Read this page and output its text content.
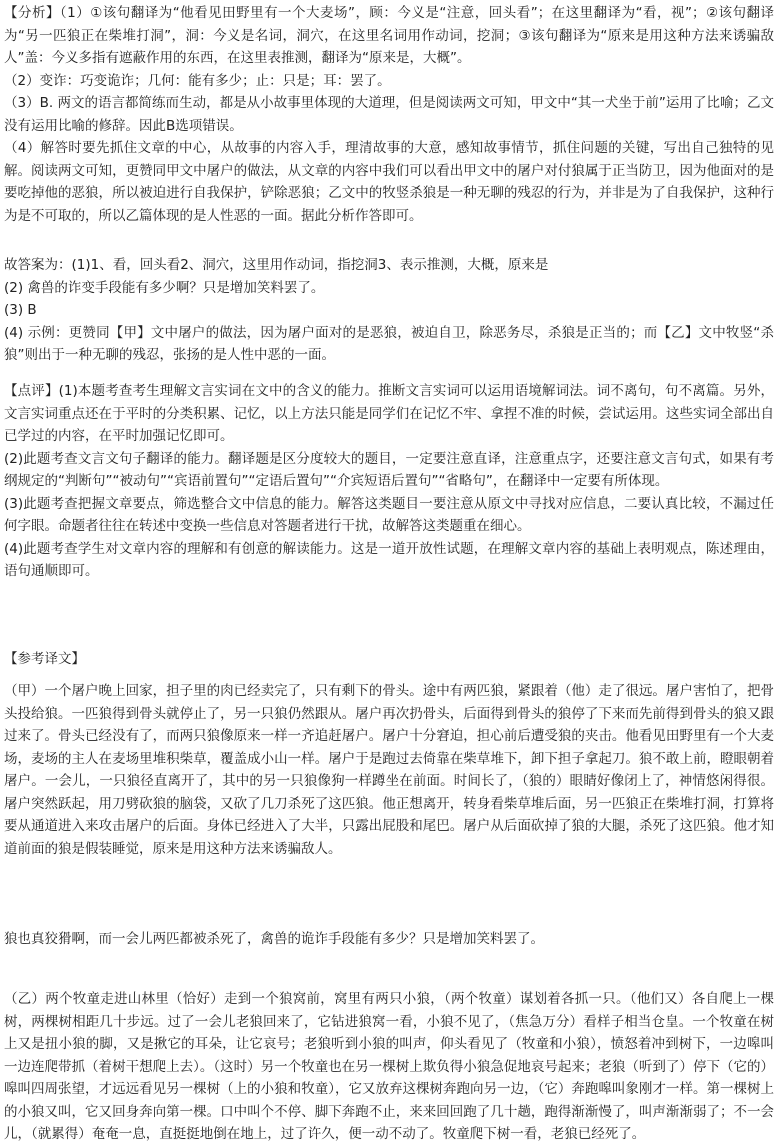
【分析】（1）①该句翻译为“他看见田野里有一个大麦场”，顾：今义是“注意，回头看”；在这里翻译为“看，视”；②该句翻译为“另一匹狼正在柴堆打洞”，洞：今义是名词，洞穴，在这里名词用作动词，挖洞；③该句翻译为“原来是用这种方法来诱骗敌人”盖：今义多指有遮蔽作用的东西，在这里表推测，翻译为“原来是，大概”。

（2）变诈：巧变诡诈；几何：能有多少；止：只是；耳：罢了。

（3）B. 两文的语言都简练而生动，都是从小故事里体现的大道理，但是阅读两文可知，甲文中“其一犬坐于前”运用了比喻；乙文没有运用比喻的修辞。因此B选项错误。

（4）解答时要先抓住文章的中心，从故事的内容入手，理清故事的大意，感知故事情节，抓住问题的关键，写出自己独特的见解。阅读两文可知，更赞同甲文中屠户的做法，从文章的内容中我们可以看出甲文中的屠户对付狼属于正当防卫，因为他面对的是要吃掉他的恶狼，所以被迫进行自我保护，铲除恶狼；乙文中的牧竖杀狼是一种无聊的残忍的行为，并非是为了自我保护，这种行为是不可取的，所以乙篇体现的是人性恶的一面。据此分析作答即可。

故答案为：(1)1、看，回头看2、洞穴，这里用作动词，指挖洞3、表示推测，大概，原来是

(2) 禽兽的诈变手段能有多少啊？只是增加笑料罢了。

(3) B

(4) 示例：更赞同【甲】文中屠户的做法，因为屠户面对的是恶狼，被迫自卫，除恶务尽，杀狼是正当的；而【乙】文中牧竖“杀狼”则出于一种无聊的残忍，张扬的是人性中恶的一面。

【点评】(1)本题考查考生理解文言实词在文中的含义的能力。推断文言实词可以运用语境解词法。词不离句，句不离篇。另外，文言实词重点还在于平时的分类积累、记忆，以上方法只能是同学们在记忆不牢、拿捏不准的时候，尝试运用。这些实词全部出自已学过的内容，在平时加强记忆即可。

(2)此题考查文言文句子翻译的能力。翻译题是区分度较大的题目，一定要注意直译，注意重点字，还要注意文言句式，如果有考纲规定的“判断句”“被动句”“宾语前置句”“定语后置句”“介宾短语后置句”“省略句”，在翻译中一定要有所体现。

(3)此题考查把握文章要点，筛选整合文中信息的能力。解答这类题目一要注意从原文中寻找对应信息，二要认真比较，不漏过任何字眼。命题者往往在转述中变换一些信息对答题者进行干扰，故解答这类题重在细心。

(4)此题考查学生对文章内容的理解和有创意的解读能力。这是一道开放性试题，在理解文章内容的基础上表明观点，陈述理由，语句通顺即可。

【参考译文】

（甲）一个屠户晚上回家，担子里的肉已经卖完了，只有剩下的骨头。途中有两匹狼，紧跟着（他）走了很远。屠户害怕了，把骨头投给狼。一匹狼得到骨头就停止了，另一只狼仍然跟从。屠户再次扔骨头，后面得到骨头的狼停了下来而先前得到骨头的狼又跟过来了。骨头已经没有了，而两只狼像原来一样一齐追赶屠户。屠户十分窘迫，担心前后遭受狼的夹击。他看见田野里有一个大麦场，麦场的主人在麦场里堆积柴草，覆盖成小山一样。屠户于是跑过去倚靠在柴草堆下，卸下担子拿起刀。狼不敢上前，瞪眼朝着屠户。一会儿，一只狼径直离开了，其中的另一只狼像狗一样蹲坐在前面。时间长了，（狼的）眼睛好像闭上了，神情悠闲得很。屠户突然跃起，用刀劈砍狼的脑袋，又砍了几刀杀死了这匹狼。他正想离开，转身看柴草堆后面，另一匹狼正在柴堆打洞，打算将要从通道进入来攻击屠户的后面。身体已经进入了大半，只露出屁股和尾巴。屠户从后面砍掉了狼的大腿，杀死了这匹狼。他才知道前面的狼是假装睡觉，原来是用这种方法来诱骗敌人。

狼也真狡猾啊，而一会儿两匹都被杀死了，禽兽的诡诈手段能有多少？只是增加笑料罢了。

（乙）两个牧童走进山林里（恰好）走到一个狼窝前，窝里有两只小狼，（两个牧童）谋划着各抓一只。（他们又）各自爬上一棵树，两棵树相距几十步远。过了一会儿老狼回来了，它钻进狼窝一看，小狼不见了，（焦急万分）看样子相当仓皇。一个牧童在树上又是扭小狼的脚，又是揪它的耳朵，让它哀号；老狼听到小狼的叫声，仰头看见了（牧童和小狼），愤怒着冲到树下，一边嗥叫一边连爬带抓（着树干想爬上去）。（这时）另一个牧童也在另一棵树上欺负得小狼急促地哀号起来；老狼（听到了）停下（它的）嗥叫四周张望，才远远看见另一棵树（上的小狼和牧童），它又放弃这棵树奔跑向另一边，（它）奔跑嗥叫象刚才一样。第一棵树上的小狼又叫，它又回身奔向第一棵。口中叫个不停、脚下奔跑不止，来来回回跑了几十趟，跑得渐渐慢了，叫声渐渐弱了；不一会儿，（就累得）奄奄一息，直挺挺地倒在地上，过了许久，便一动不动了。牧童爬下树一看，老狼已经死了。
